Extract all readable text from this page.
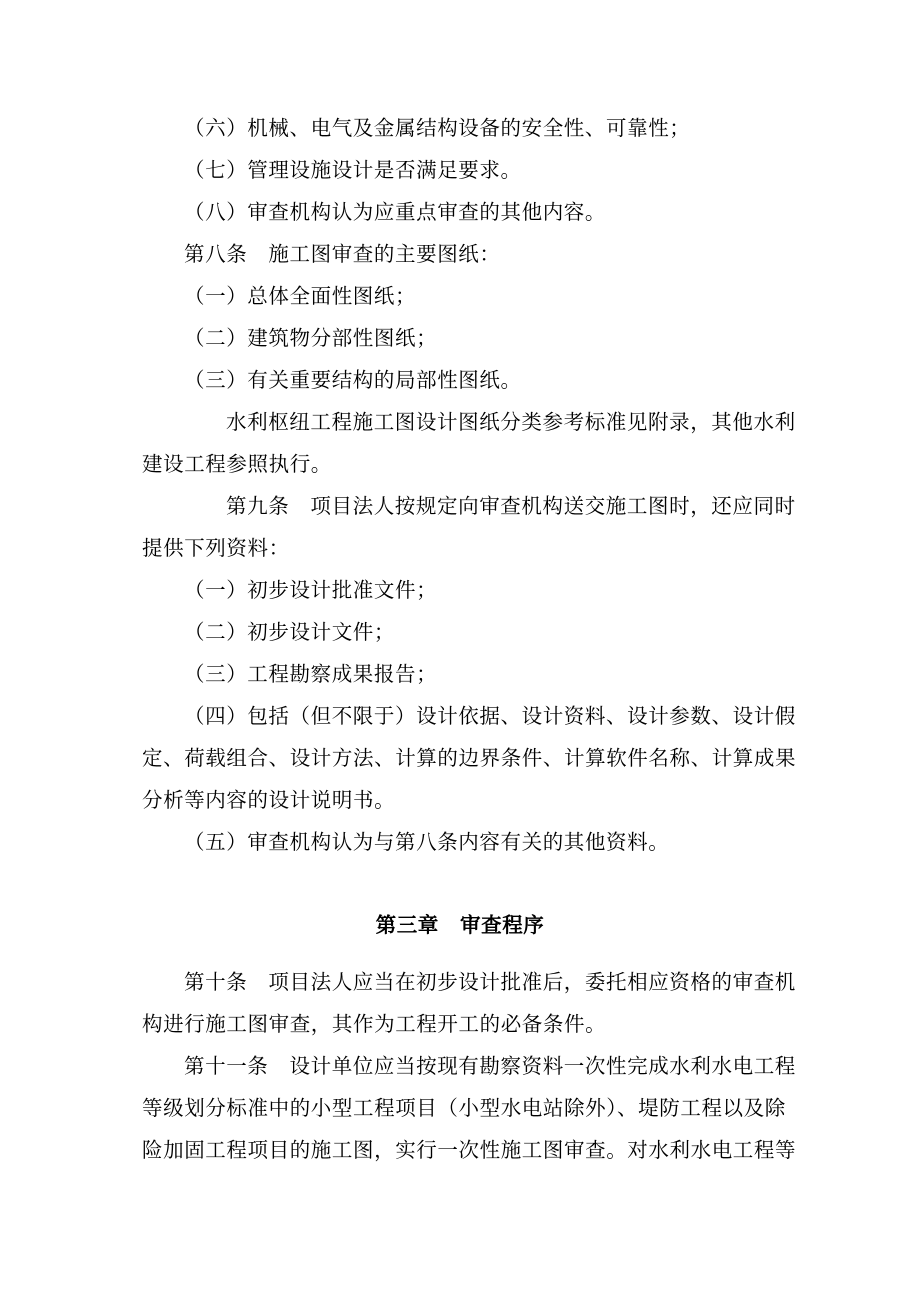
（六）机械、电气及金属结构设备的安全性、可靠性；
（七）管理设施设计是否满足要求。
（八）审查机构认为应重点审查的其他内容。
第八条　施工图审查的主要图纸：
（一）总体全面性图纸；
（二）建筑物分部性图纸；
（三）有关重要结构的局部性图纸。
水利枢纽工程施工图设计图纸分类参考标准见附录，其他水利
建设工程参照执行。
第九条　项目法人按规定向审查机构送交施工图时，还应同时
提供下列资料：
（一）初步设计批准文件；
（二）初步设计文件；
（三）工程勘察成果报告；
（四）包括（但不限于）设计依据、设计资料、设计参数、设计假
定、荷载组合、设计方法、计算的边界条件、计算软件名称、计算成果
分析等内容的设计说明书。
（五）审查机构认为与第八条内容有关的其他资料。
第三章　审查程序
第十条　项目法人应当在初步设计批准后，委托相应资格的审查机
构进行施工图审查，其作为工程开工的必备条件。
第十一条　设计单位应当按现有勘察资料一次性完成水利水电工程
等级划分标准中的小型工程项目（小型水电站除外）、堤防工程以及除
险加固工程项目的施工图，实行一次性施工图审查。对水利水电工程等
